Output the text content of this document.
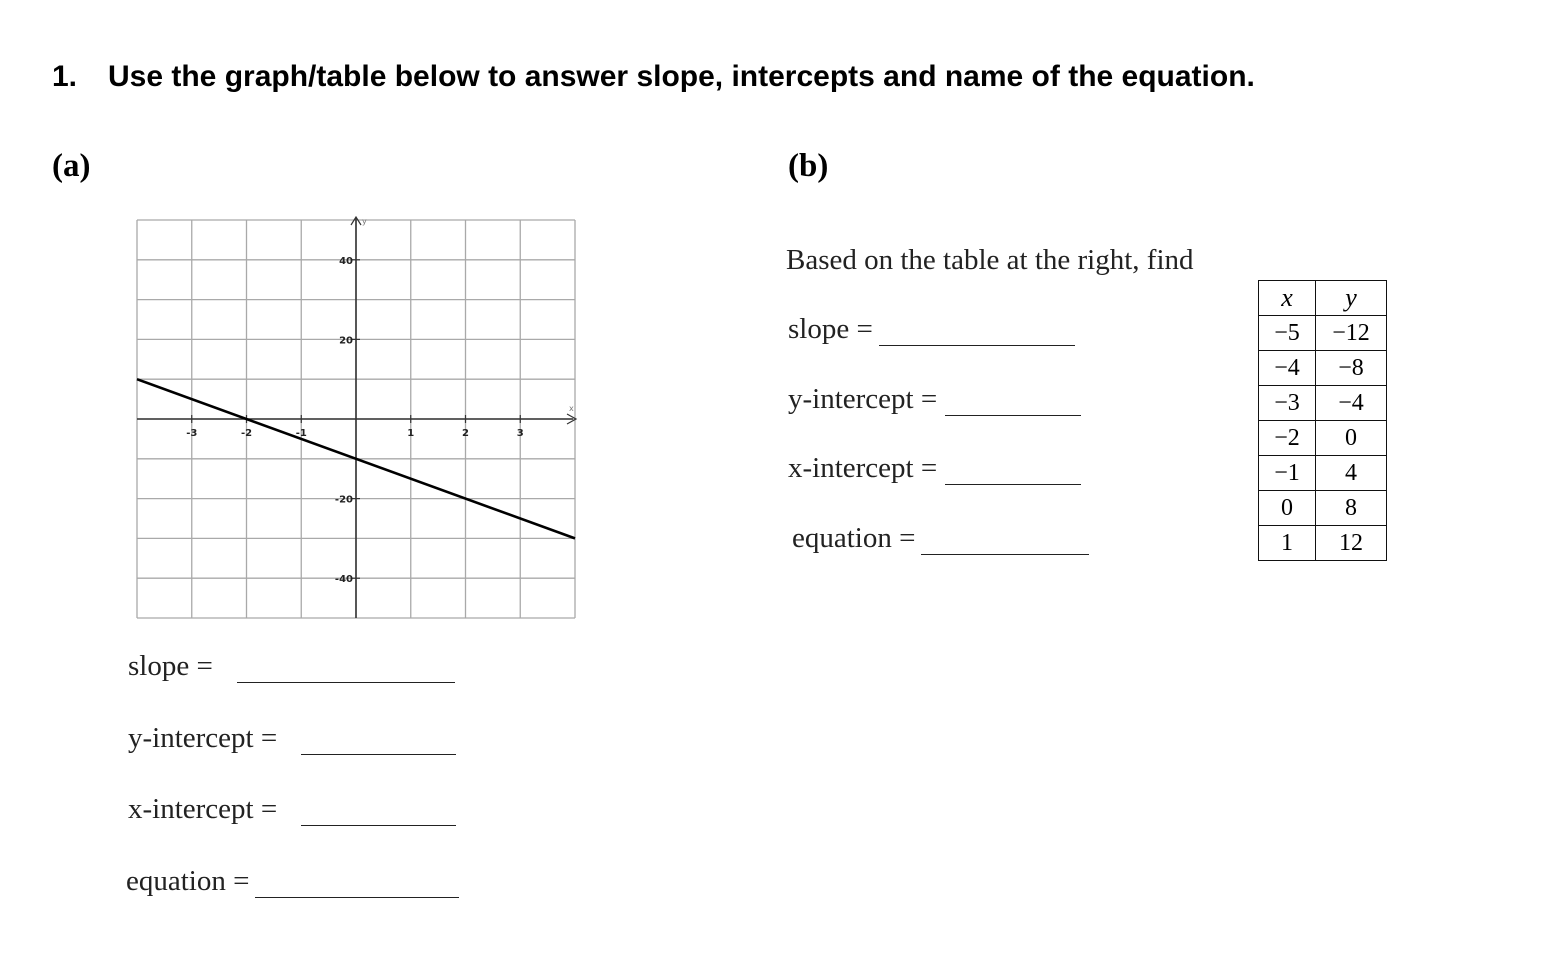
1. Use the graph/table below to answer slope, intercepts and name of the equation.
(a)
x
y
-3	-2	-1	1	2	3
40
20
-20
-40
slope =
y-intercept =
x-intercept =
equation =
(b)
Based on the table at the right, find
slope =
y-intercept =
x-intercept =
equation =
x	y
−5	−12
−4	−8
−3	−4
−2	0
−1	4
0	8
1	12
